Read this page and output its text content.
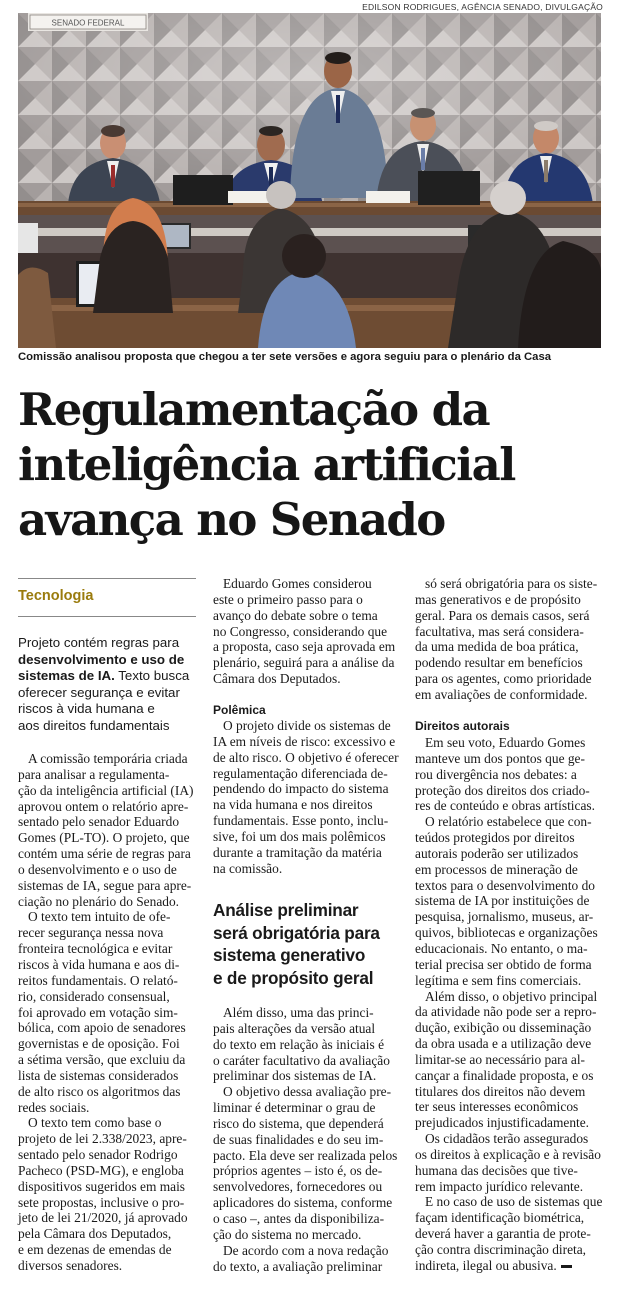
EDILSON RODRIGUES, AGÊNCIA SENADO, DIVULGAÇÃO
SENADO FEDERAL
Comissão analisou proposta que chegou a ter sete versões e agora seguiu para o plenário da Casa
Regulamentação da
inteligência artificial
avança no Senado
Tecnologia
Projeto contém regras para
desenvolvimento e uso de
sistemas de IA. Texto busca
oferecer segurança e evitar
riscos à vida humana e
aos direitos fundamentais

A comissão temporária criada
para analisar a regulamenta-
ção da inteligência artificial (IA)
aprovou ontem o relatório apre-
sentado pelo senador Eduardo
Gomes (PL-TO). O projeto, que
contém uma série de regras para
o desenvolvimento e o uso de
sistemas de IA, segue para apre-
ciação no plenário do Senado.

O texto tem intuito de ofe-
recer segurança nessa nova
fronteira tecnológica e evitar
riscos à vida humana e aos di-
reitos fundamentais. O relató-
rio, considerado consensual,
foi aprovado em votação sim-
bólica, com apoio de senadores
governistas e de oposição. Foi
a sétima versão, que excluiu da
lista de sistemas considerados
de alto risco os algoritmos das
redes sociais.

O texto tem como base o
projeto de lei 2.338/2023, apre-
sentado pelo senador Rodrigo
Pacheco (PSD-MG), e engloba
dispositivos sugeridos em mais
sete propostas, inclusive o pro-
jeto de lei 21/2020, já aprovado
pela Câmara dos Deputados,
e em dezenas de emendas de
diversos senadores.

Eduardo Gomes considerou
este o primeiro passo para o
avanço do debate sobre o tema
no Congresso, considerando que
a proposta, caso seja aprovada em
plenário, seguirá para a análise da
Câmara dos Deputados.

Polêmica

O projeto divide os sistemas de
IA em níveis de risco: excessivo e
de alto risco. O objetivo é oferecer
regulamentação diferenciada de-
pendendo do impacto do sistema
na vida humana e nos direitos
fundamentais. Esse ponto, inclu-
sive, foi um dos mais polêmicos
durante a tramitação da matéria
na comissão.

Análise preliminar
será obrigatória para
sistema generativo
e de propósito geral

Além disso, uma das princi-
pais alterações da versão atual
do texto em relação às iniciais é
o caráter facultativo da avaliação
preliminar dos sistemas de IA.

O objetivo dessa avaliação pre-
liminar é determinar o grau de
risco do sistema, que dependerá
de suas finalidades e do seu im-
pacto. Ela deve ser realizada pelos
próprios agentes – isto é, os de-
senvolvedores, fornecedores ou
aplicadores do sistema, conforme
o caso –, antes da disponibiliza-
ção do sistema no mercado.

De acordo com a nova redação
do texto, a avaliação preliminar

só será obrigatória para os siste-
mas generativos e de propósito
geral. Para os demais casos, será
facultativa, mas será considera-
da uma medida de boa prática,
podendo resultar em benefícios
para os agentes, como prioridade
em avaliações de conformidade.

Direitos autorais

Em seu voto, Eduardo Gomes
manteve um dos pontos que ge-
rou divergência nos debates: a
proteção dos direitos dos criado-
res de conteúdo e obras artísticas.

O relatório estabelece que con-
teúdos protegidos por direitos
autorais poderão ser utilizados
em processos de mineração de
textos para o desenvolvimento do
sistema de IA por instituições de
pesquisa, jornalismo, museus, ar-
quivos, bibliotecas e organizações
educacionais. No entanto, o ma-
terial precisa ser obtido de forma
legítima e sem fins comerciais.

Além disso, o objetivo principal
da atividade não pode ser a repro-
dução, exibição ou disseminação
da obra usada e a utilização deve
limitar-se ao necessário para al-
cançar a finalidade proposta, e os
titulares dos direitos não devem
ter seus interesses econômicos
prejudicados injustificadamente.

Os cidadãos terão assegurados
os direitos à explicação e à revisão
humana das decisões que tive-
rem impacto jurídico relevante.

E no caso de uso de sistemas que
façam identificação biométrica,
deverá haver a garantia de prote-
ção contra discriminação direta,
indireta, ilegal ou abusiva.
